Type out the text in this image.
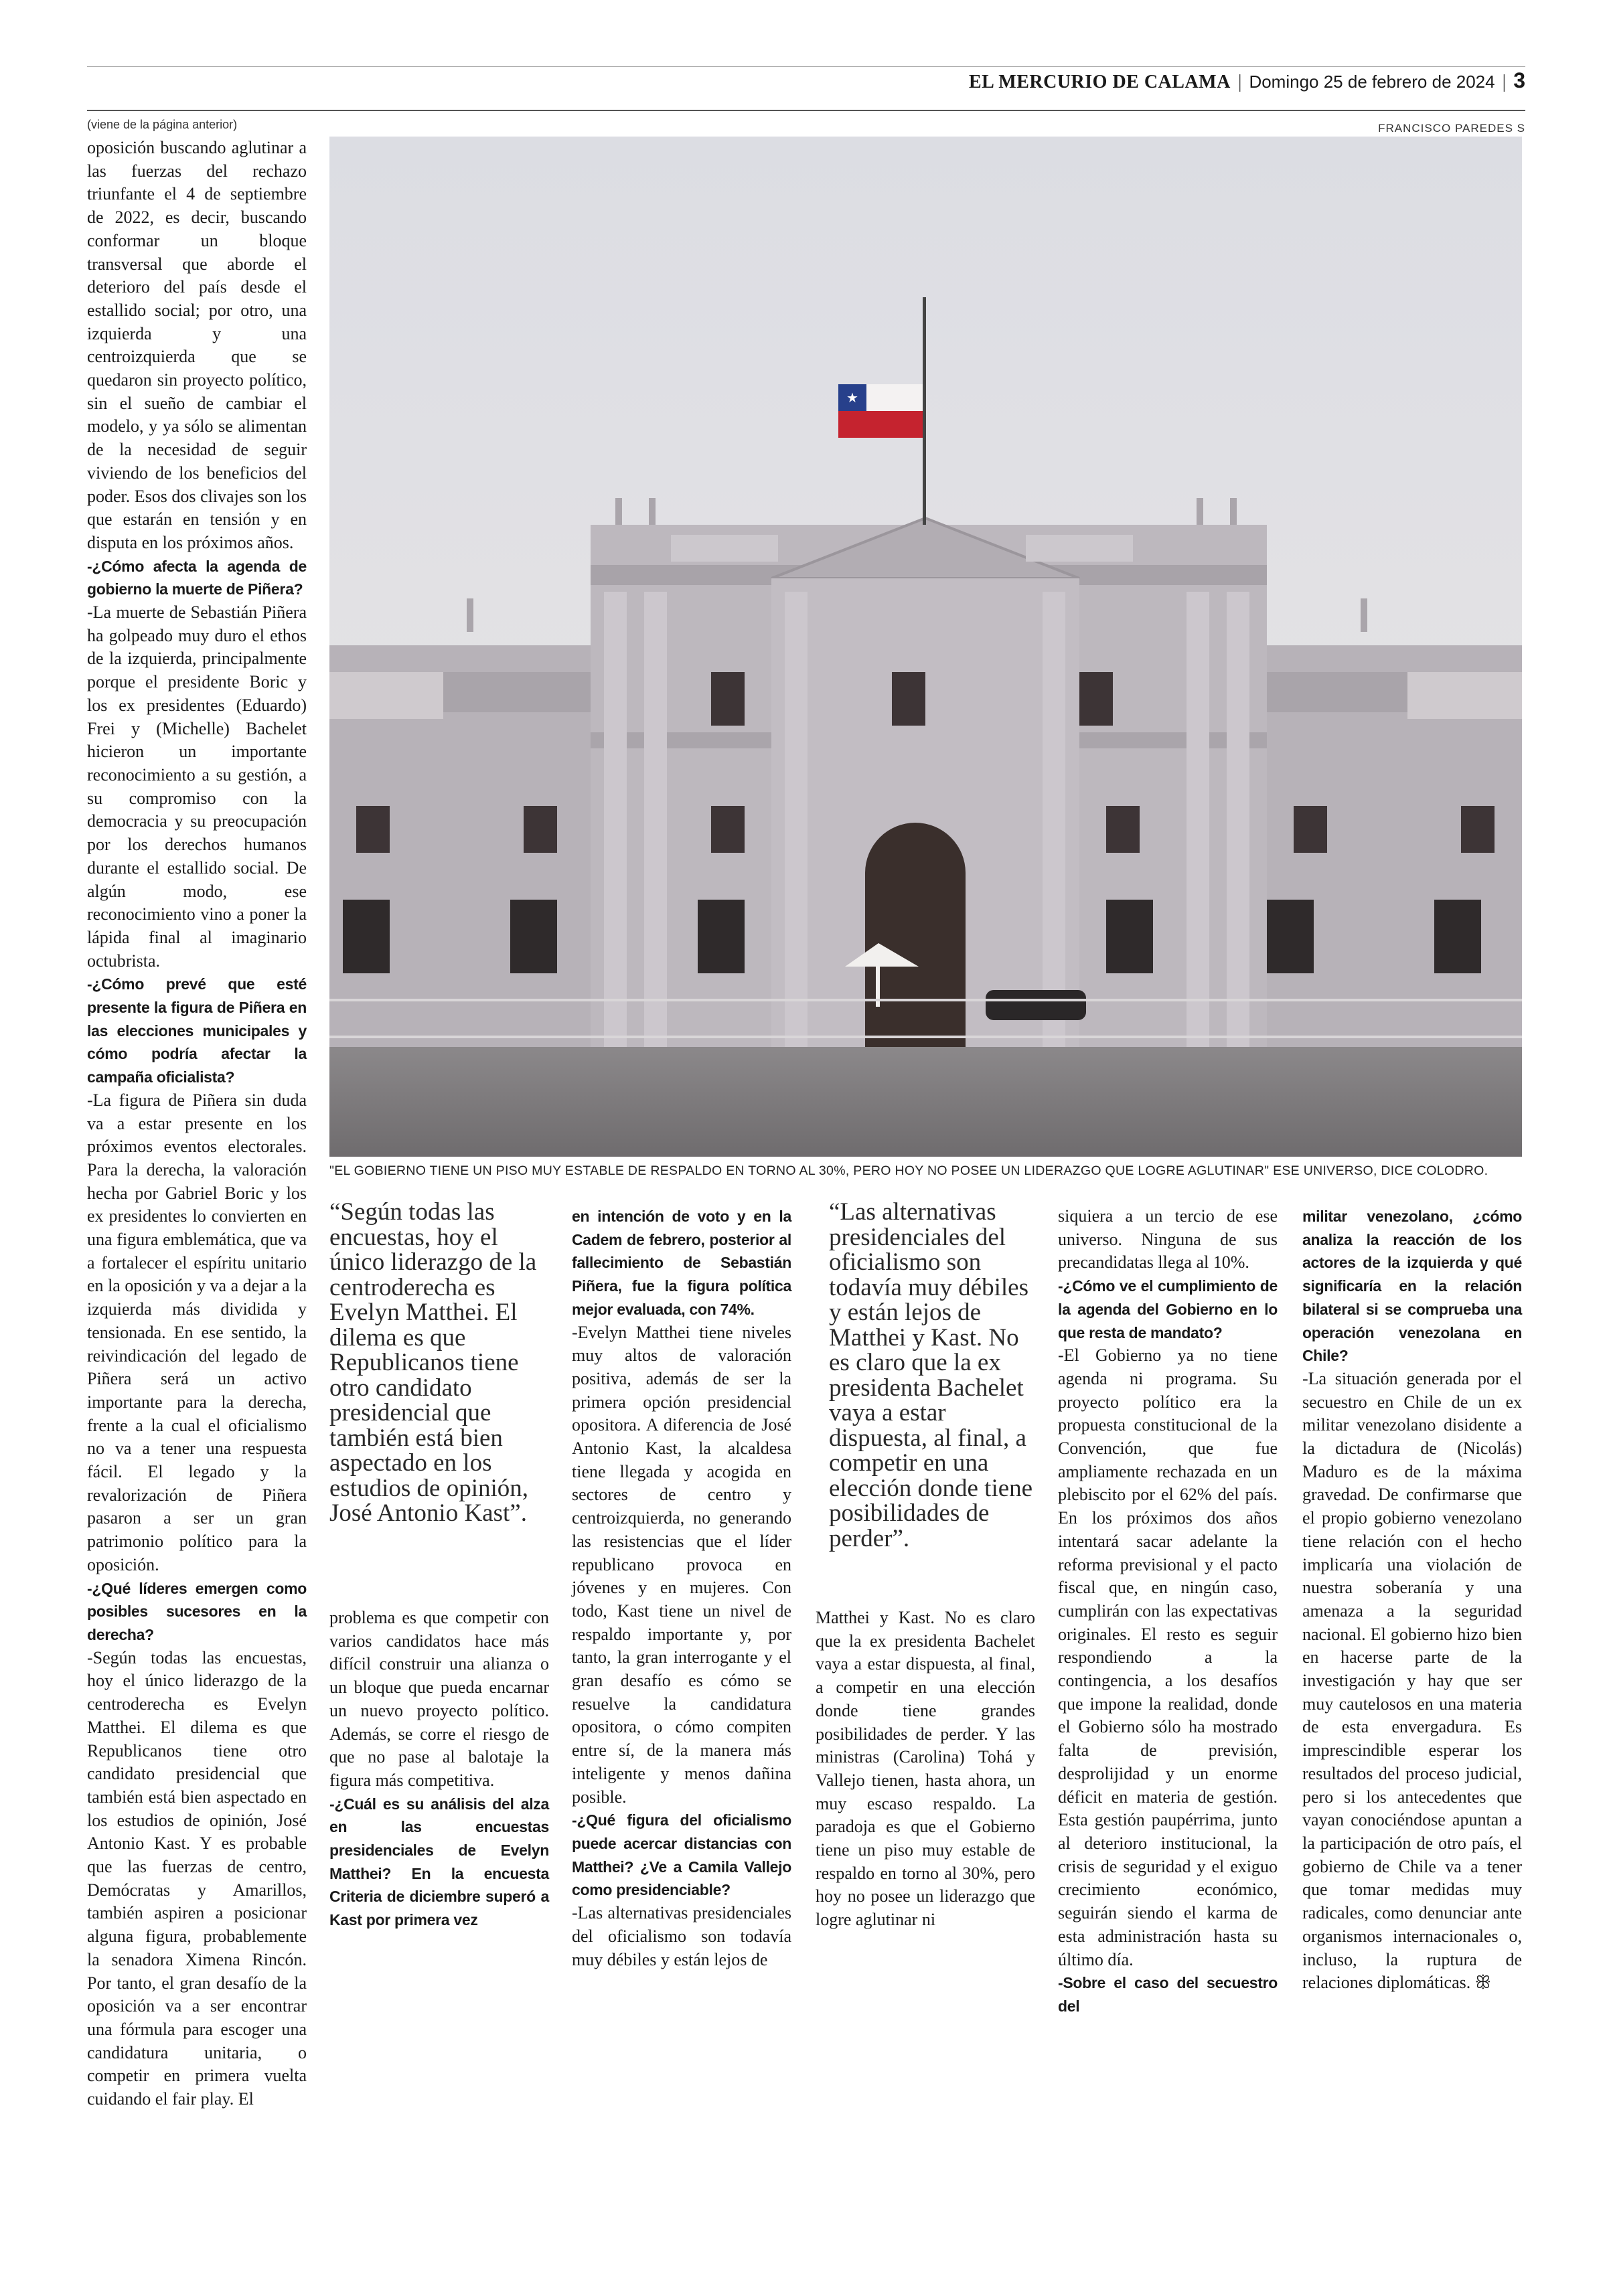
EL MERCURIO DE CALAMA | Domingo 25 de febrero de 2024 | 3
(viene de la página anterior)	FRANCISCO PAREDES S
★
"EL GOBIERNO TIENE UN PISO MUY ESTABLE DE RESPALDO EN TORNO AL 30%, PERO HOY NO POSEE UN LIDERAZGO QUE LOGRE AGLUTINAR" ESE UNIVERSO, DICE COLODRO.

oposición buscando aglutinar a las fuerzas del rechazo triunfante el 4 de septiembre de 2022, es decir, buscando conformar un bloque transversal que aborde el deterioro del país desde el estallido social; por otro, una izquierda y una centroizquierda que se quedaron sin proyecto político, sin el sueño de cambiar el modelo, y ya sólo se alimentan de la necesidad de seguir viviendo de los beneficios del poder. Esos dos clivajes son los que estarán en tensión y en disputa en los próximos años.

-¿Cómo afecta la agenda de gobierno la muerte de Piñera?

-La muerte de Sebastián Piñera ha golpeado muy duro el ethos de la izquierda, principalmente porque el presidente Boric y los ex presidentes (Eduardo) Frei y (Michelle) Bachelet hicieron un importante reconocimiento a su gestión, a su compromiso con la democracia y su preocupación por los derechos humanos durante el estallido social. De algún modo, ese reconocimiento vino a poner la lápida final al imaginario octubrista.

-¿Cómo prevé que esté presente la figura de Piñera en las elecciones municipales y cómo podría afectar la campaña oficialista?

-La figura de Piñera sin duda va a estar presente en los próximos eventos electorales. Para la derecha, la valoración hecha por Gabriel Boric y los ex presidentes lo convierten en una figura emblemática, que va a fortalecer el espíritu unitario en la oposición y va a dejar a la izquierda más dividida y tensionada. En ese sentido, la reivindicación del legado de Piñera será un activo importante para la derecha, frente a la cual el oficialismo no va a tener una respuesta fácil. El legado y la revalorización de Piñera pasaron a ser un gran patrimonio político para la oposición.

-¿Qué líderes emergen como posibles sucesores en la derecha?

-Según todas las encuestas, hoy el único liderazgo de la centroderecha es Evelyn Matthei. El dilema es que Republicanos tiene otro candidato presidencial que también está bien aspectado en los estudios de opinión, José Antonio Kast. Y es probable que las fuerzas de centro, Demócratas y Amarillos, también aspiren a posicionar alguna figura, probablemente la senadora Ximena Rincón. Por tanto, el gran desafío de la oposición va a ser encontrar una fórmula para escoger una candidatura unitaria, o competir en primera vuelta cuidando el fair play. El

“Según todas las encuestas, hoy el único liderazgo de la centroderecha es Evelyn Matthei. El dilema es que Republicanos tiene otro candidato presidencial que también está bien aspectado en los estudios de opinión, José Antonio Kast”.

problema es que competir con varios candidatos hace más difícil construir una alianza o un bloque que pueda encarnar un nuevo proyecto político. Además, se corre el riesgo de que no pase al balotaje la figura más competitiva.

-¿Cuál es su análisis del alza en las encuestas presidenciales de Evelyn Matthei? En la encuesta Criteria de diciembre superó a Kast por primera vez

en intención de voto y en la Cadem de febrero, posterior al fallecimiento de Sebastián Piñera, fue la figura política mejor evaluada, con 74%.

-Evelyn Matthei tiene niveles muy altos de valoración positiva, además de ser la primera opción presidencial opositora. A diferencia de José Antonio Kast, la alcaldesa tiene llegada y acogida en sectores de centro y centroizquierda, no generando las resistencias que el líder republicano provoca en jóvenes y en mujeres. Con todo, Kast tiene un nivel de respaldo importante y, por tanto, la gran interrogante y el gran desafío es cómo se resuelve la candidatura opositora, o cómo compiten entre sí, de la manera más inteligente y menos dañina posible.

-¿Qué figura del oficialismo puede acercar distancias con Matthei? ¿Ve a Camila Vallejo como presidenciable?

-Las alternativas presidenciales del oficialismo son todavía muy débiles y están lejos de

“Las alternativas presidenciales del oficialismo son todavía muy débiles y están lejos de Matthei y Kast. No es claro que la ex presidenta Bachelet vaya a estar dispuesta, al final, a competir en una elección donde tiene posibilidades de perder”.

Matthei y Kast. No es claro que la ex presidenta Bachelet vaya a estar dispuesta, al final, a competir en una elección donde tiene grandes posibilidades de perder. Y las ministras (Carolina) Tohá y Vallejo tienen, hasta ahora, un muy escaso respaldo. La paradoja es que el Gobierno tiene un piso muy estable de respaldo en torno al 30%, pero hoy no posee un liderazgo que logre aglutinar ni

siquiera a un tercio de ese universo. Ninguna de sus precandidatas llega al 10%.

-¿Cómo ve el cumplimiento de la agenda del Gobierno en lo que resta de mandato?

-El Gobierno ya no tiene agenda ni programa. Su proyecto político era la propuesta constitucional de la Convención, que fue ampliamente rechazada en un plebiscito por el 62% del país. En los próximos dos años intentará sacar adelante la reforma previsional y el pacto fiscal que, en ningún caso, cumplirán con las expectativas originales. El resto es seguir respondiendo a la contingencia, a los desafíos que impone la realidad, donde el Gobierno sólo ha mostrado falta de previsión, desprolijidad y un enorme déficit en materia de gestión. Esta gestión paupérrima, junto al deterioro institucional, la crisis de seguridad y el exiguo crecimiento económico, seguirán siendo el karma de esta administración hasta su último día.

-Sobre el caso del secuestro del

militar venezolano, ¿cómo analiza la reacción de los actores de la izquierda y qué significaría en la relación bilateral si se comprueba una operación venezolana en Chile?

-La situación generada por el secuestro en Chile de un ex militar venezolano disidente a la dictadura de (Nicolás) Maduro es de la máxima gravedad. De confirmarse que el propio gobierno venezolano tiene relación con el hecho implicaría una violación de nuestra soberanía y una amenaza a la seguridad nacional. El gobierno hizo bien en hacerse parte de la investigación y hay que ser muy cautelosos en una materia de esta envergadura. Es imprescindible esperar los resultados del proceso judicial, pero si los antecedentes que vayan conociéndose apuntan a la participación de otro país, el gobierno de Chile va a tener que tomar medidas muy radicales, como denunciar ante organismos internacionales o, incluso, la ruptura de relaciones diplomáticas. ꕥ
